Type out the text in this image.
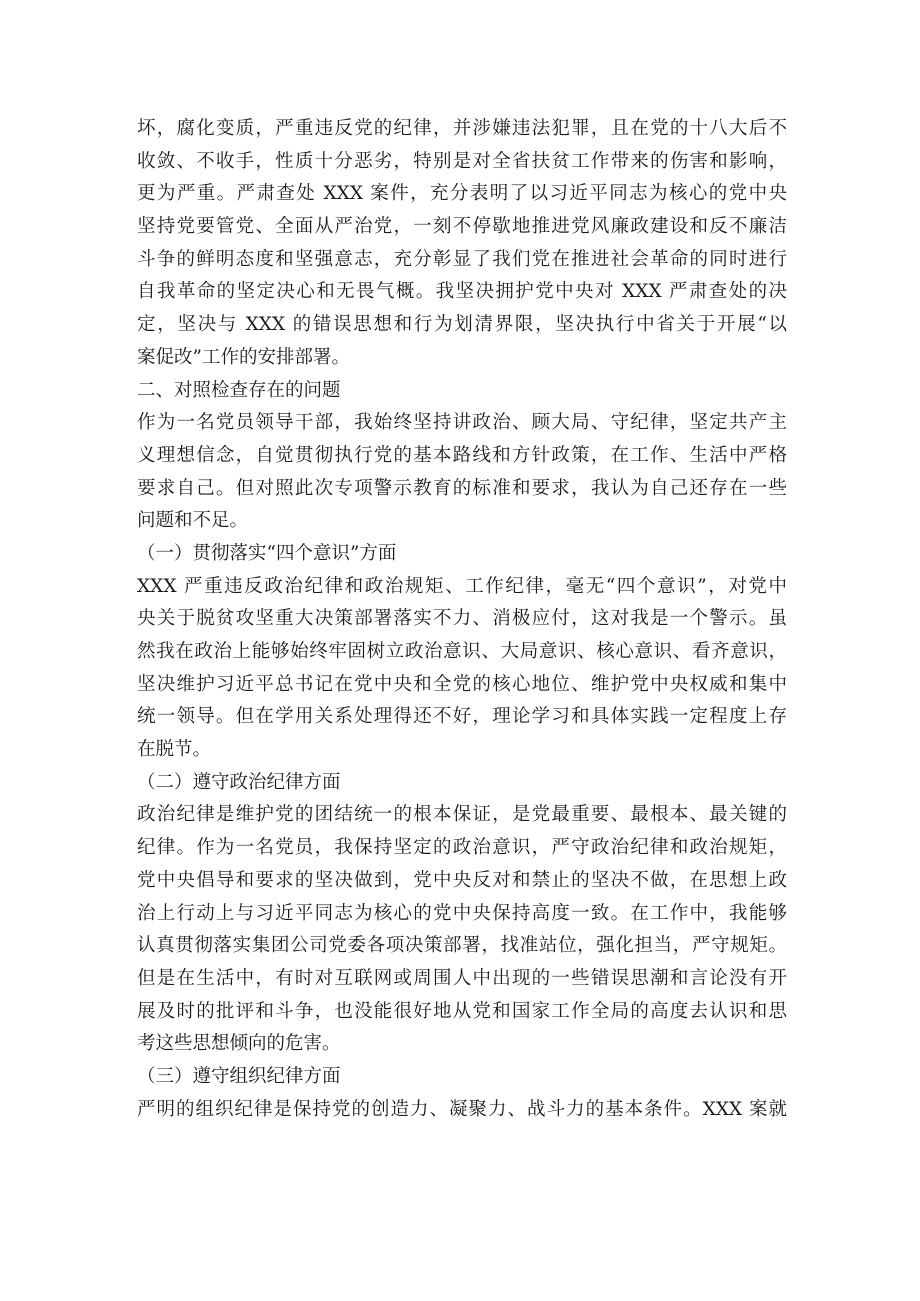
坏，腐化变质，严重违反党的纪律，并涉嫌违法犯罪，且在党的十八大后不
收敛、不收手，性质十分恶劣，特别是对全省扶贫工作带来的伤害和影响，
更为严重。严肃查处 XXX 案件，充分表明了以习近平同志为核心的党中央
坚持党要管党、全面从严治党，一刻不停歇地推进党风廉政建设和反不廉洁
斗争的鲜明态度和坚强意志，充分彰显了我们党在推进社会革命的同时进行
自我革命的坚定决心和无畏气概。我坚决拥护党中央对 XXX 严肃查处的决
定，坚决与 XXX 的错误思想和行为划清界限，坚决执行中省关于开展“以
案促改”工作的安排部署。
二、对照检查存在的问题
作为一名党员领导干部，我始终坚持讲政治、顾大局、守纪律，坚定共产主
义理想信念，自觉贯彻执行党的基本路线和方针政策，在工作、生活中严格
要求自己。但对照此次专项警示教育的标准和要求，我认为自己还存在一些
问题和不足。
（一）贯彻落实“四个意识”方面
XXX 严重违反政治纪律和政治规矩、工作纪律，毫无“四个意识”，对党中
央关于脱贫攻坚重大决策部署落实不力、消极应付，这对我是一个警示。虽
然我在政治上能够始终牢固树立政治意识、大局意识、核心意识、看齐意识，
坚决维护习近平总书记在党中央和全党的核心地位、维护党中央权威和集中
统一领导。但在学用关系处理得还不好，理论学习和具体实践一定程度上存
在脱节。
（二）遵守政治纪律方面
政治纪律是维护党的团结统一的根本保证，是党最重要、最根本、最关键的
纪律。作为一名党员，我保持坚定的政治意识，严守政治纪律和政治规矩，
党中央倡导和要求的坚决做到，党中央反对和禁止的坚决不做，在思想上政
治上行动上与习近平同志为核心的党中央保持高度一致。在工作中，我能够
认真贯彻落实集团公司党委各项决策部署，找准站位，强化担当，严守规矩。
但是在生活中，有时对互联网或周围人中出现的一些错误思潮和言论没有开
展及时的批评和斗争，也没能很好地从党和国家工作全局的高度去认识和思
考这些思想倾向的危害。
（三）遵守组织纪律方面
严明的组织纪律是保持党的创造力、凝聚力、战斗力的基本条件。XXX 案就
